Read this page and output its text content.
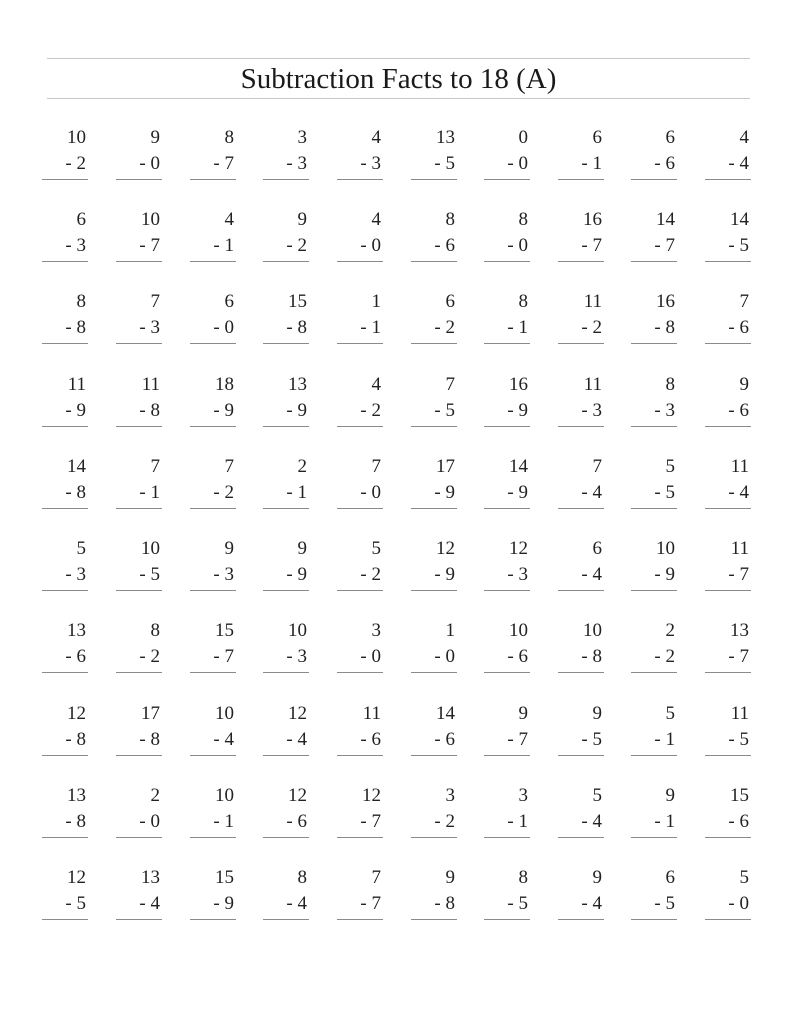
Subtraction Facts to 18 (A)
10
- 2
9
- 0
8
- 7
3
- 3
4
- 3
13
- 5
0
- 0
6
- 1
6
- 6
4
- 4
6
- 3
10
- 7
4
- 1
9
- 2
4
- 0
8
- 6
8
- 0
16
- 7
14
- 7
14
- 5
8
- 8
7
- 3
6
- 0
15
- 8
1
- 1
6
- 2
8
- 1
11
- 2
16
- 8
7
- 6
11
- 9
11
- 8
18
- 9
13
- 9
4
- 2
7
- 5
16
- 9
11
- 3
8
- 3
9
- 6
14
- 8
7
- 1
7
- 2
2
- 1
7
- 0
17
- 9
14
- 9
7
- 4
5
- 5
11
- 4
5
- 3
10
- 5
9
- 3
9
- 9
5
- 2
12
- 9
12
- 3
6
- 4
10
- 9
11
- 7
13
- 6
8
- 2
15
- 7
10
- 3
3
- 0
1
- 0
10
- 6
10
- 8
2
- 2
13
- 7
12
- 8
17
- 8
10
- 4
12
- 4
11
- 6
14
- 6
9
- 7
9
- 5
5
- 1
11
- 5
13
- 8
2
- 0
10
- 1
12
- 6
12
- 7
3
- 2
3
- 1
5
- 4
9
- 1
15
- 6
12
- 5
13
- 4
15
- 9
8
- 4
7
- 7
9
- 8
8
- 5
9
- 4
6
- 5
5
- 0
